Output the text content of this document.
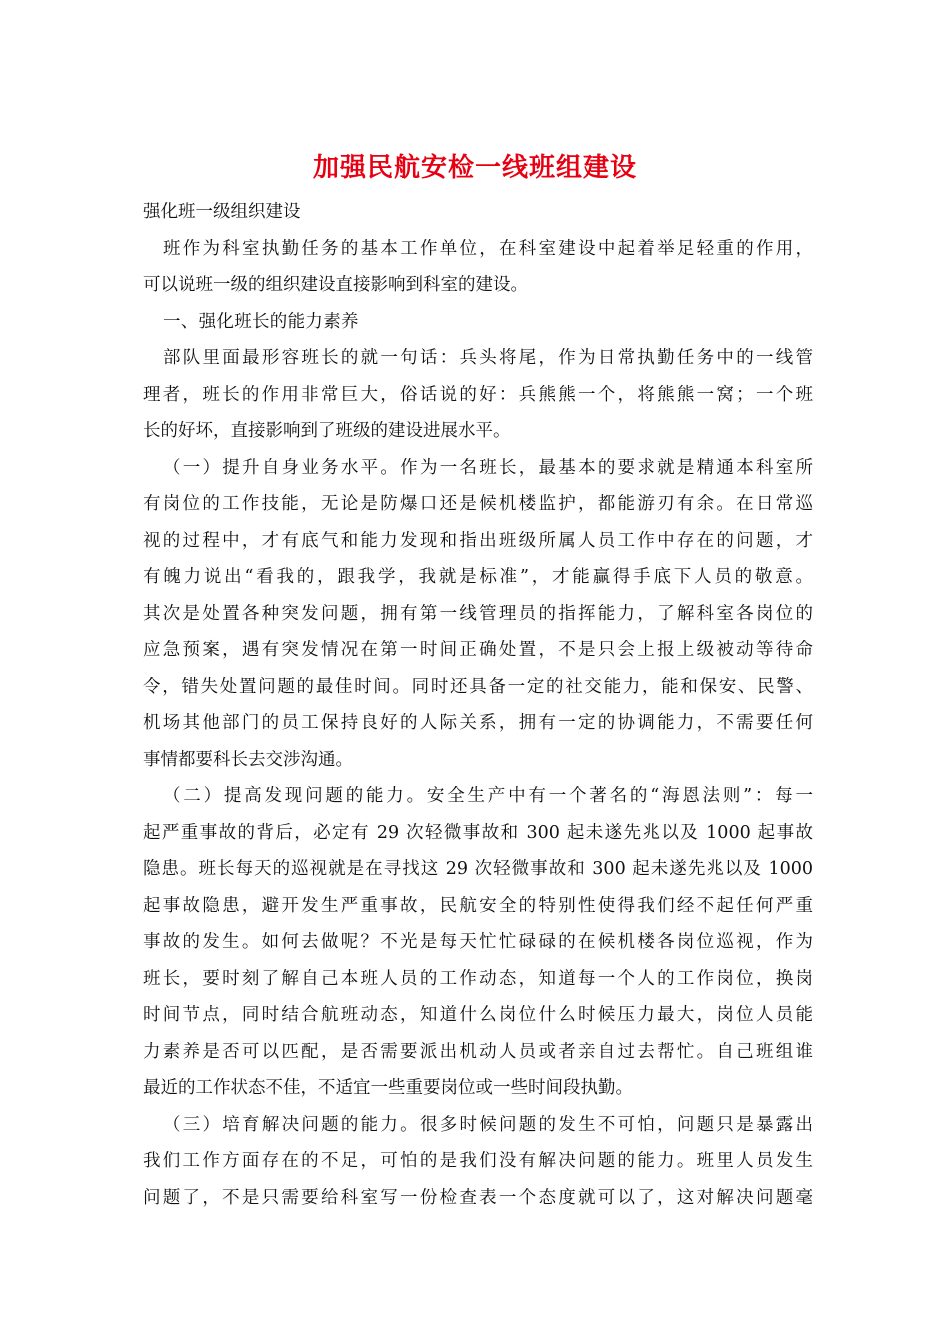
加强民航安检一线班组建设
强化班一级组织建设
班作为科室执勤任务的基本工作单位，在科室建设中起着举足轻重的作用，
可以说班一级的组织建设直接影响到科室的建设。
一、强化班长的能力素养
部队里面最形容班长的就一句话：兵头将尾，作为日常执勤任务中的一线管
理者，班长的作用非常巨大，俗话说的好：兵熊熊一个，将熊熊一窝；一个班
长的好坏，直接影响到了班级的建设进展水平。
（一）提升自身业务水平。作为一名班长，最基本的要求就是精通本科室所
有岗位的工作技能，无论是防爆口还是候机楼监护，都能游刃有余。在日常巡
视的过程中，才有底气和能力发现和指出班级所属人员工作中存在的问题，才
有魄力说出“看我的，跟我学，我就是标准”，才能赢得手底下人员的敬意。
其次是处置各种突发问题，拥有第一线管理员的指挥能力，了解科室各岗位的
应急预案，遇有突发情况在第一时间正确处置，不是只会上报上级被动等待命
令，错失处置问题的最佳时间。同时还具备一定的社交能力，能和保安、民警、
机场其他部门的员工保持良好的人际关系，拥有一定的协调能力，不需要任何
事情都要科长去交涉沟通。
（二）提高发现问题的能力。安全生产中有一个著名的“海恩法则”：每一
起严重事故的背后，必定有 29 次轻微事故和 300 起未遂先兆以及 1000 起事故
隐患。班长每天的巡视就是在寻找这 29 次轻微事故和 300 起未遂先兆以及 1000
起事故隐患，避开发生严重事故，民航安全的特别性使得我们经不起任何严重
事故的发生。如何去做呢？不光是每天忙忙碌碌的在候机楼各岗位巡视，作为
班长，要时刻了解自己本班人员的工作动态，知道每一个人的工作岗位，换岗
时间节点，同时结合航班动态，知道什么岗位什么时候压力最大，岗位人员能
力素养是否可以匹配，是否需要派出机动人员或者亲自过去帮忙。自己班组谁
最近的工作状态不佳，不适宜一些重要岗位或一些时间段执勤。
（三）培育解决问题的能力。很多时候问题的发生不可怕，问题只是暴露出
我们工作方面存在的不足，可怕的是我们没有解决问题的能力。班里人员发生
问题了，不是只需要给科室写一份检查表一个态度就可以了，这对解决问题毫
